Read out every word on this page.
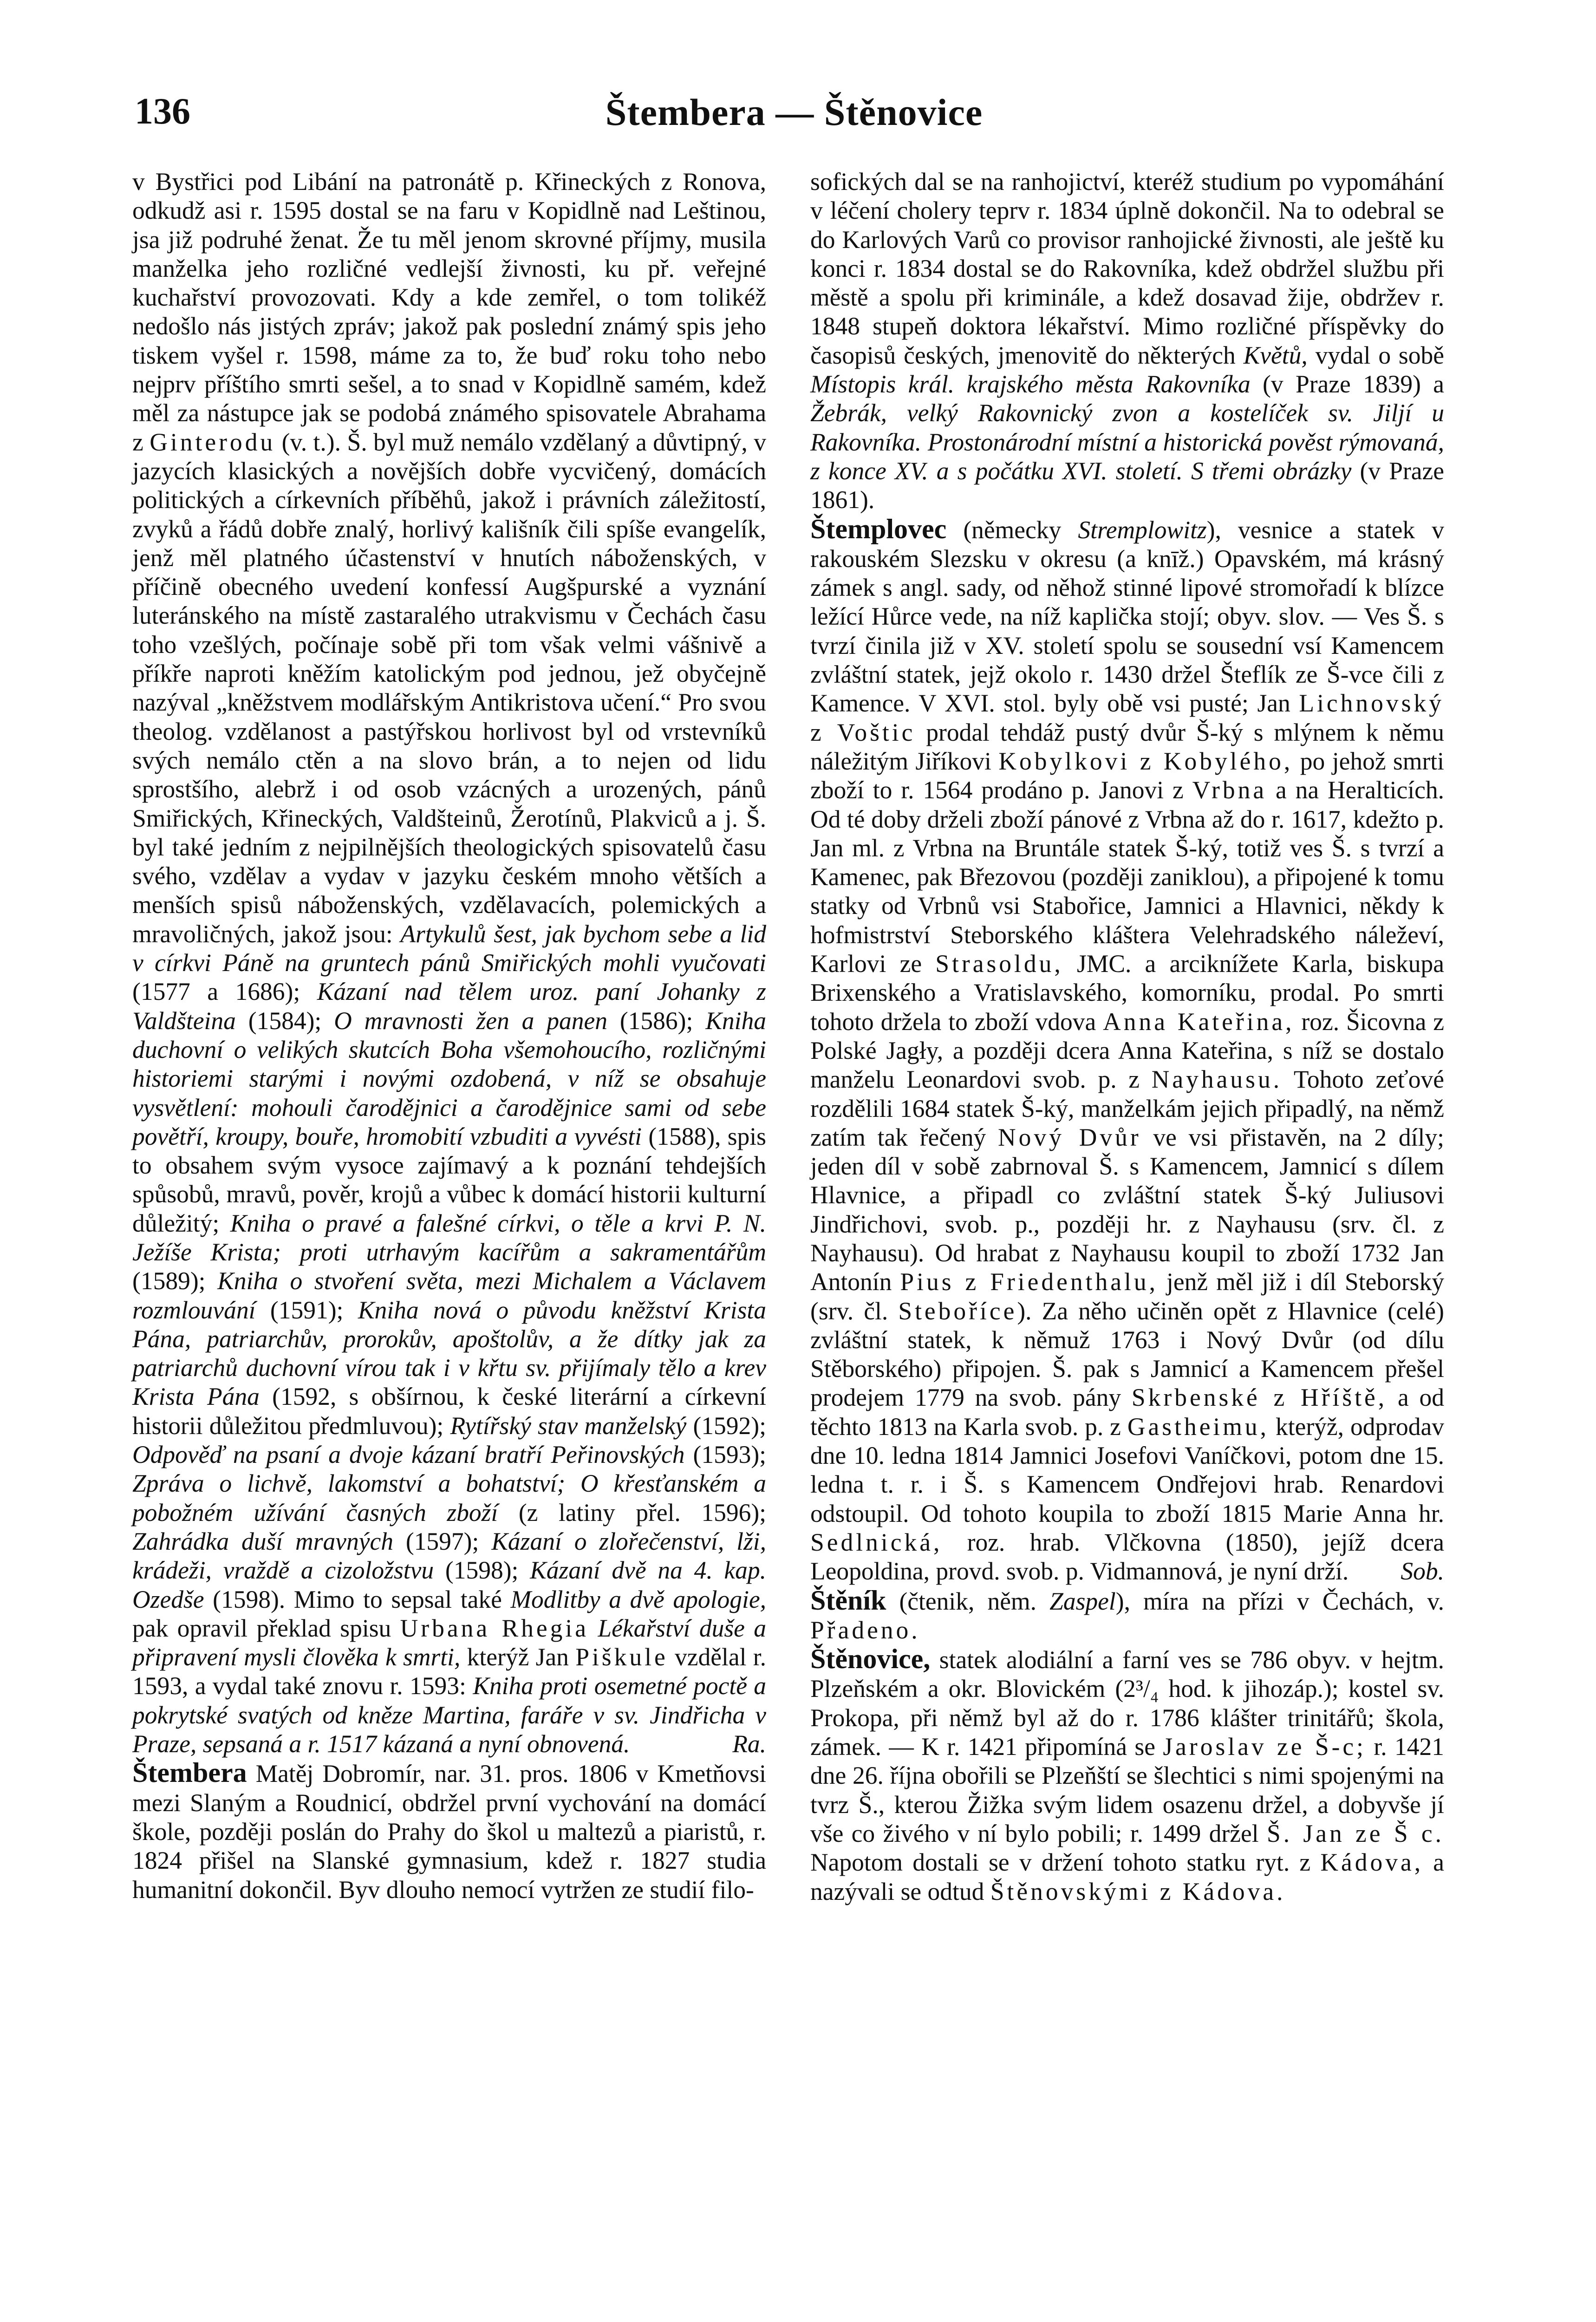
136	Štembera — Štěnovice

v Bystřici pod Libání na patronátě p. Křineckých z Ronova, odkudž asi r. 1595 dostal se na faru v Kopidlně nad Leštinou, jsa již podruhé ženat. Že tu měl jenom skrovné příjmy, musila manželka jeho rozličné vedlejší živnosti, ku př. veřejné kuchařství provozovati. Kdy a kde zemřel, o tom tolikéž nedošlo nás jistých zpráv; jakož pak poslední známý spis jeho tiskem vyšel r. 1598, máme za to, že buď roku toho nebo nejprv příštího smrti sešel, a to snad v Kopidlně samém, kdež měl za nástupce jak se podobá známého spisovatele Abrahama z Ginterodu (v. t.). Š. byl muž nemálo vzdělaný a důvtipný, v jazycích klasických a novějších dobře vycvičený, domácích politických a církevních příběhů, jakož i právních záležitostí, zvyků a řádů dobře znalý, horlivý kališník čili spíše evangelík, jenž měl platného účastenství v hnutích náboženských, v příčině obecného uvedení konfessí Augšpurské a vyznání luteránského na místě zastaralého utrakvismu v Čechách času toho vzešlých, počínaje sobě při tom však velmi vášnivě a příkře naproti kněžím katolickým pod jednou, jež obyčejně nazýval „kněžstvem modlářským Antikristova učení.“ Pro svou theolog. vzdělanost a pastýřskou horlivost byl od vrstevníků svých nemálo ctěn a na slovo brán, a to nejen od lidu sprostšího, alebrž i od osob vzácných a urozených, pánů Smiřických, Křineckých, Valdšteinů, Žerotínů, Plakviců a j. Š. byl také jedním z nejpilnějších theologických spisovatelů času svého, vzdělav a vydav v jazyku českém mnoho větších a menších spisů náboženských, vzdělavacích, polemických a mravoličných, jakož jsou: Artykulů šest, jak bychom sebe a lid v církvi Páně na gruntech pánů Smiřických mohli vyučovati (1577 a 1686); Kázaní nad tělem uroz. paní Johanky z Valdšteina (1584); O mravnosti žen a panen (1586); Kniha duchovní o velikých skutcích Boha všemohoucího, rozličnými historiemi starými i novými ozdobená, v níž se obsahuje vysvětlení: mohouli čarodějnici a čarodějnice sami od sebe povětří, kroupy, bouře, hromobití vzbuditi a vyvésti (1588), spis to obsahem svým vysoce zajímavý a k poznání tehdejších spůsobů, mravů, pověr, krojů a vůbec k domácí historii kulturní důležitý; Kniha o pravé a falešné církvi, o těle a krvi P. N. Ježíše Krista; proti utrhavým kacířům a sakramentářům (1589); Kniha o stvoření světa, mezi Michalem a Václavem rozmlouvání (1591); Kniha nová o původu kněžství Krista Pána, patriarchův, prorokův, apoštolův, a že dítky jak za patriarchů duchovní vírou tak i v křtu sv. přijímaly tělo a krev Krista Pána (1592, s obšírnou, k české literární a církevní historii důležitou předmluvou); Rytířský stav manželský (1592); Odpověď na psaní a dvoje kázaní bratří Peřinovských (1593); Zpráva o lichvě, lakomství a bohatství; O křesťanském a pobožném užívání časných zboží (z latiny přel. 1596); Zahrádka duší mravných (1597); Kázaní o zlořečenství, lži, krádeži, vraždě a cizoložstvu (1598); Kázaní dvě na 4. kap. Ozedše (1598). Mimo to sepsal také Modlitby a dvě apologie, pak opravil překlad spisu Urbana Rhegia Lékařství duše a připravení mysli člověka k smrti, kterýž Jan Piškule vzdělal r. 1593, a vydal také znovu r. 1593: Kniha proti osemetné poctě a pokrytské svatých od kněze Martina, faráře v sv. Jindřicha v Praze, sepsaná a r. 1517 kázaná a nyní obnovená.	Ra.

Štembera Matěj Dobromír, nar. 31. pros. 1806 v Kmetňovsi mezi Slaným a Roudnicí, obdržel první vychování na domácí škole, později poslán do Prahy do škol u maltezů a piaristů, r. 1824 přišel na Slanské gymnasium, kdež r. 1827 studia humanitní dokončil. Byv dlouho nemocí vytržen ze studií filo-

sofických dal se na ranhojictví, kteréž studium po vypomáhání v léčení cholery teprv r. 1834 úplně dokončil. Na to odebral se do Karlových Varů co provisor ranhojické živnosti, ale ještě ku konci r. 1834 dostal se do Rakovníka, kdež obdržel službu při městě a spolu při kriminále, a kdež dosavad žije, obdržev r. 1848 stupeň doktora lékařství. Mimo rozličné příspěvky do časopisů českých, jmenovitě do některých Květů, vydal o sobě Místopis král. krajského města Rakovníka (v Praze 1839) a Žebrák, velký Rakovnický zvon a kostelíček sv. Jiljí u Rakovníka. Prostonárodní místní a historická pověst rýmovaná, z konce XV. a s počátku XVI. století. S třemi obrázky (v Praze 1861).

Štemplovec (německy Stremplowitz), vesnice a statek v rakouském Slezsku v okresu (a knīž.) Opavském, má krásný zámek s angl. sady, od něhož stinné lipové stromořadí k blízce ležící Hůrce vede, na níž kaplička stojí; obyv. slov. — Ves Š. s tvrzí činila již v XV. století spolu se sousední vsí Kamencem zvláštní statek, jejž okolo r. 1430 držel Šteflík ze Š-vce čili z Kamence. V XVI. stol. byly obě vsi pusté; Jan Lichnovský z Voštic prodal tehdáž pustý dvůr Š-ký s mlýnem k němu náležitým Jiříkovi Kobylkovi z Kobylého, po jehož smrti zboží to r. 1564 prodáno p. Janovi z Vrbna a na Heralticích. Od té doby drželi zboží pánové z Vrbna až do r. 1617, kdežto p. Jan ml. z Vrbna na Bruntále statek Š-ký, totiž ves Š. s tvrzí a Kamenec, pak Březovou (později zaniklou), a připojené k tomu statky od Vrbnů vsi Stabořice, Jamnici a Hlavnici, někdy k hofmistrství Steborského kláštera Velehradského náleževí, Karlovi ze Strasoldu, JMC. a arciknížete Karla, biskupa Brixenského a Vratislavského, komorníku, prodal. Po smrti tohoto držela to zboží vdova Anna Kateřina, roz. Šicovna z Polské Jagły, a později dcera Anna Kateřina, s níž se dostalo manželu Leonardovi svob. p. z Nayhausu. Tohoto zeťové rozdělili 1684 statek Š-ký, manželkám jejich připadlý, na němž zatím tak řečený Nový Dvůr ve vsi přistavěn, na 2 díly; jeden díl v sobě zabrnoval Š. s Kamencem, Jamnicí s dílem Hlavnice, a připadl co zvláštní statek Š-ký Juliusovi Jindřichovi, svob. p., později hr. z Nayhausu (srv. čl. z Nayhausu). Od hrabat z Nayhausu koupil to zboží 1732 Jan Antonín Pius z Friedenthalu, jenž měl již i díl Steborský (srv. čl. Steboříce). Za něho učiněn opět z Hlavnice (celé) zvláštní statek, k němuž 1763 i Nový Dvůr (od dílu Stěborského) připojen. Š. pak s Jamnicí a Kamencem přešel prodejem 1779 na svob. pány Skrbenské z Hříště, a od těchto 1813 na Karla svob. p. z Gastheimu, kterýž, odprodav dne 10. ledna 1814 Jamnici Josefovi Vaníčkovi, potom dne 15. ledna t. r. i Š. s Kamencem Ondřejovi hrab. Renardovi odstoupil. Od tohoto koupila to zboží 1815 Marie Anna hr. Sedlnická, roz. hrab. Vlčkovna (1850), jejíž dcera Leopoldina, provd. svob. p. Vidmannová, je nyní drží. Sob.

Štěník (čtenik, něm. Zaspel), míra na přízi v Čechách, v. Přadeno.

Štěnovice, statek alodiální a farní ves se 786 obyv. v hejtm. Plzeňském a okr. Blovickém (2³/₄ hod. k jihozáp.); kostel sv. Prokopa, při němž byl až do r. 1786 klášter trinitářů; škola, zámek. — K r. 1421 připomíná se Jaroslav ze Š-c; r. 1421 dne 26. října obořili se Plzeňští se šlechtici s nimi spojenými na tvrz Š., kterou Žižka svým lidem osazenu držel, a dobyvše jí vše co živého v ní bylo pobili; r. 1499 držel Š. Jan ze Š c. Napotom dostali se v držení tohoto statku ryt. z Kádova, a nazývali se odtud Štěnovskými z Kádova.
